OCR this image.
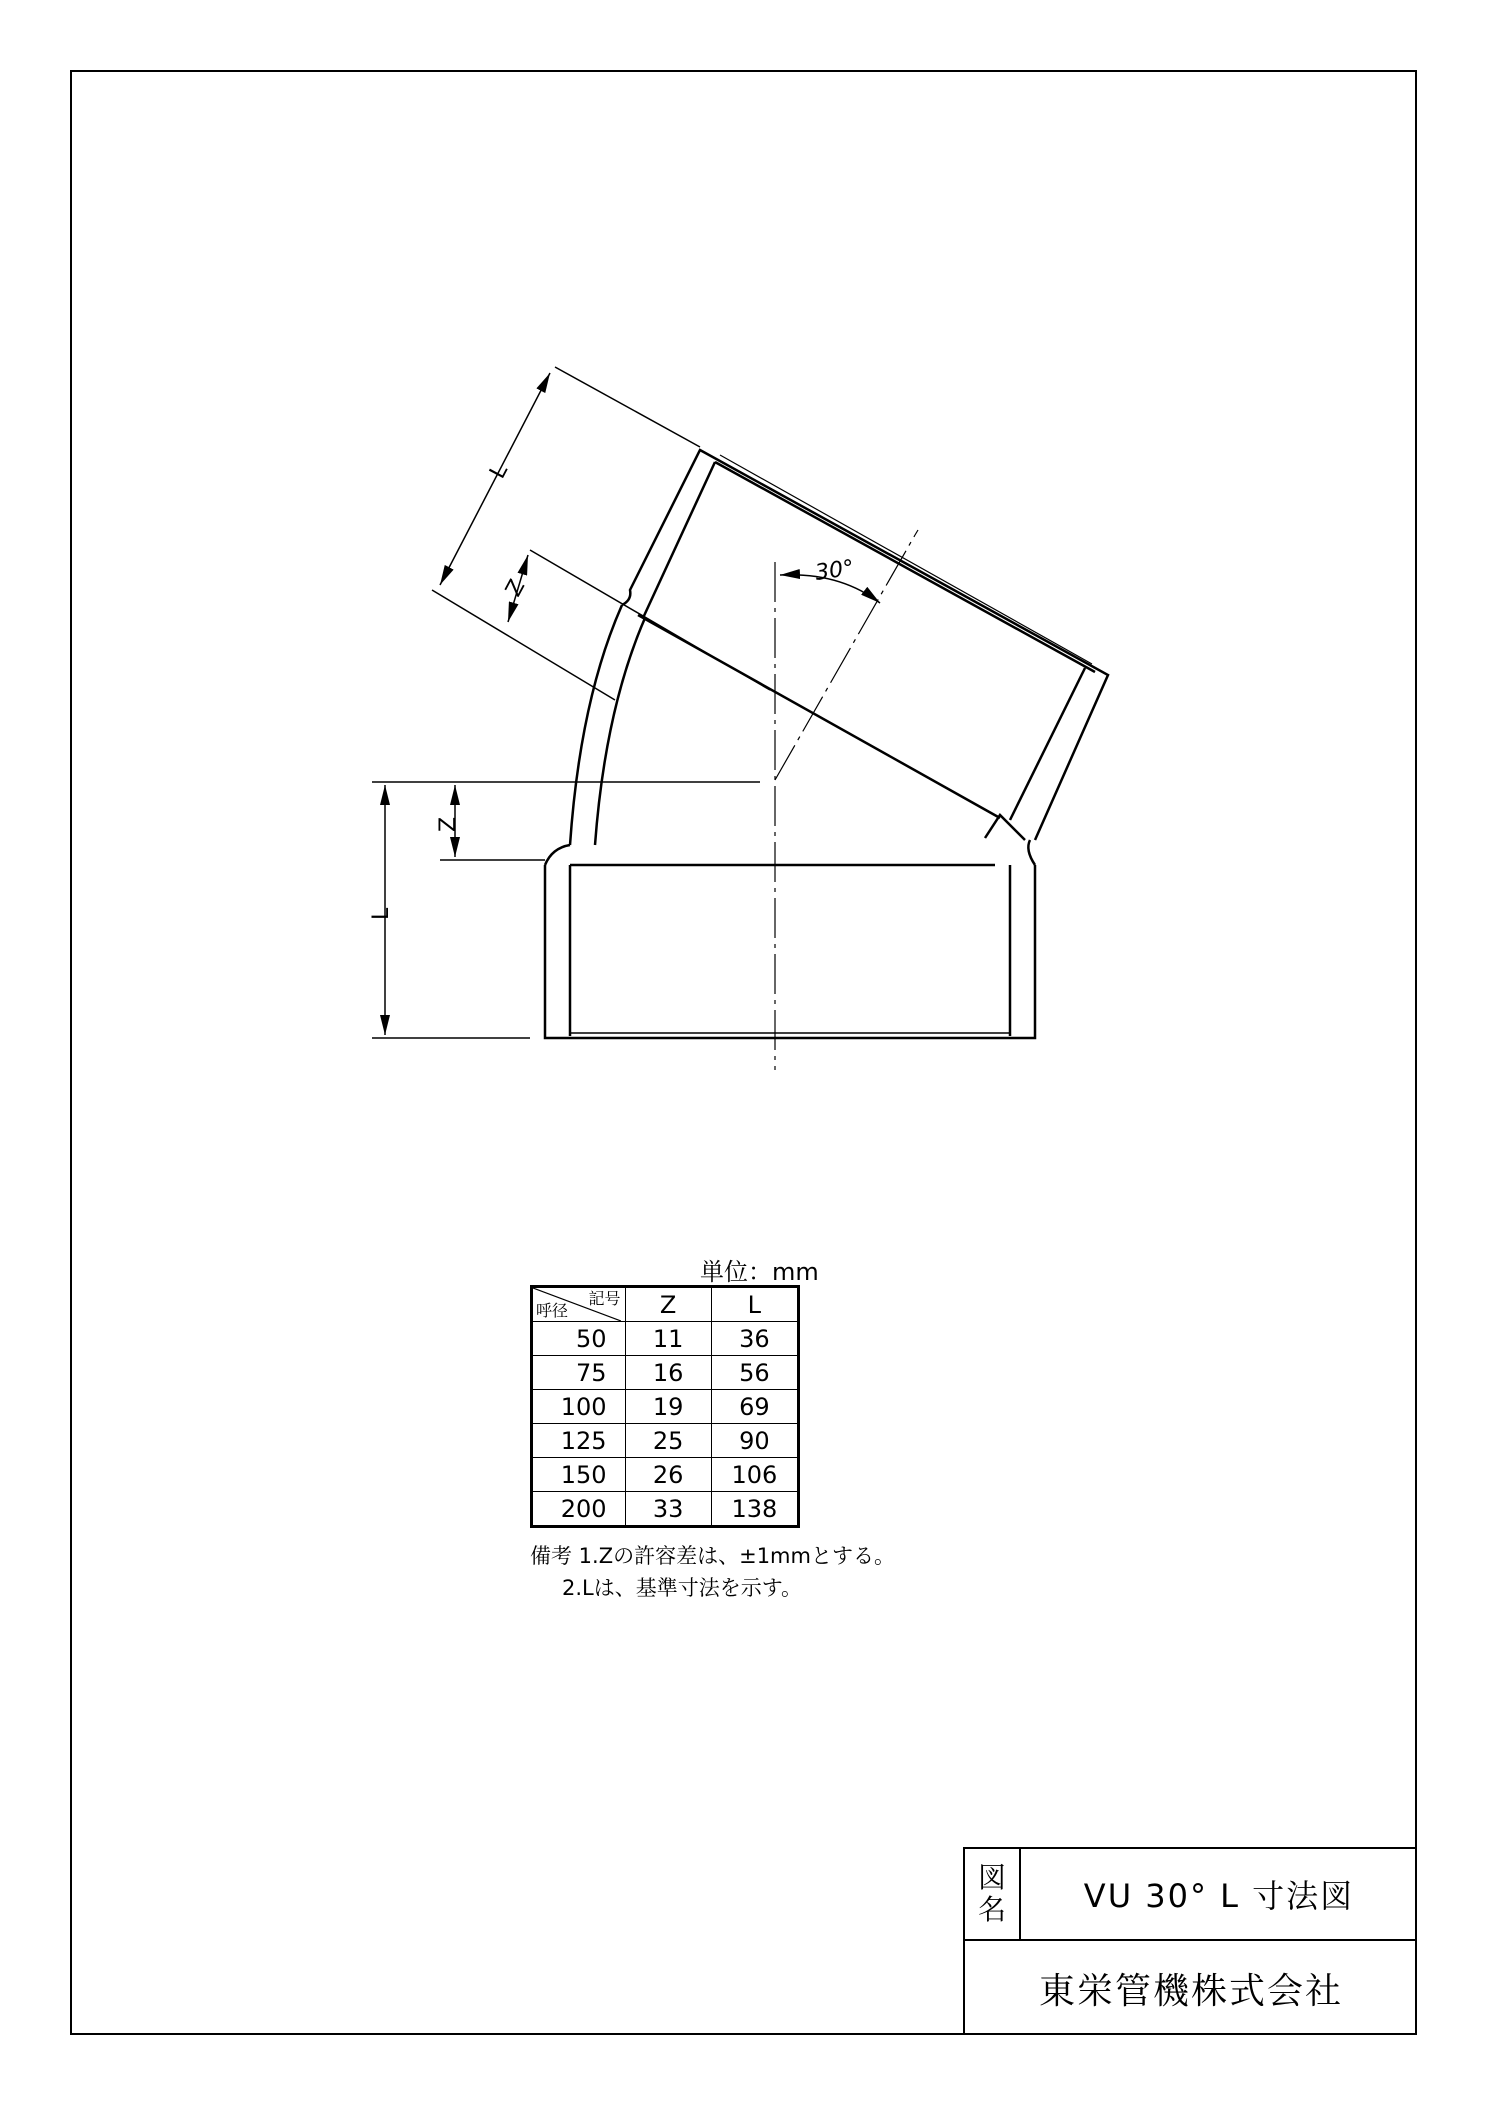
30°
L
Z
L
Z
単位：mm
記号
呼径	Z	L
50	11	36
75	16	56
100	19	69
125	25	90
150	26	106
200	33	138
備考 1.Zの許容差は、±1mmとする。
2.Lは、基準寸法を示す。
図
名	VU 30° L 寸法図
東栄管機株式会社
